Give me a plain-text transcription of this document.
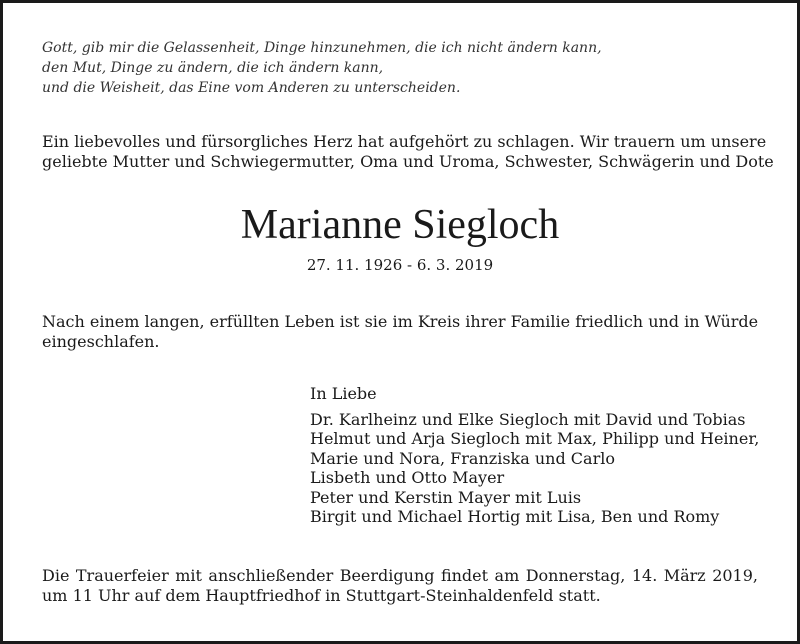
Gott, gib mir die Gelassenheit, Dinge hinzunehmen, die ich nicht ändern kann,
den Mut, Dinge zu ändern, die ich ändern kann,
und die Weisheit, das Eine vom Anderen zu unterscheiden.
Ein liebevolles und fürsorgliches Herz hat aufgehört zu schlagen. Wir trauern um unsere
geliebte Mutter und Schwiegermutter, Oma und Uroma, Schwester, Schwägerin und Dote
Marianne Siegloch
27. 11. 1926 - 6. 3. 2019
Nach einem langen, erfüllten Leben ist sie im Kreis ihrer Familie friedlich und in Würde
eingeschlafen.
In Liebe
Dr. Karlheinz und Elke Siegloch mit David und Tobias
Helmut und Arja Siegloch mit Max, Philipp und Heiner,
Marie und Nora, Franziska und Carlo
Lisbeth und Otto Mayer
Peter und Kerstin Mayer mit Luis
Birgit und Michael Hortig mit Lisa, Ben und Romy
Die Trauerfeier mit anschließender Beerdigung findet am Donnerstag, 14. März 2019,
um 11 Uhr auf dem Hauptfriedhof in Stuttgart-Steinhaldenfeld statt.
